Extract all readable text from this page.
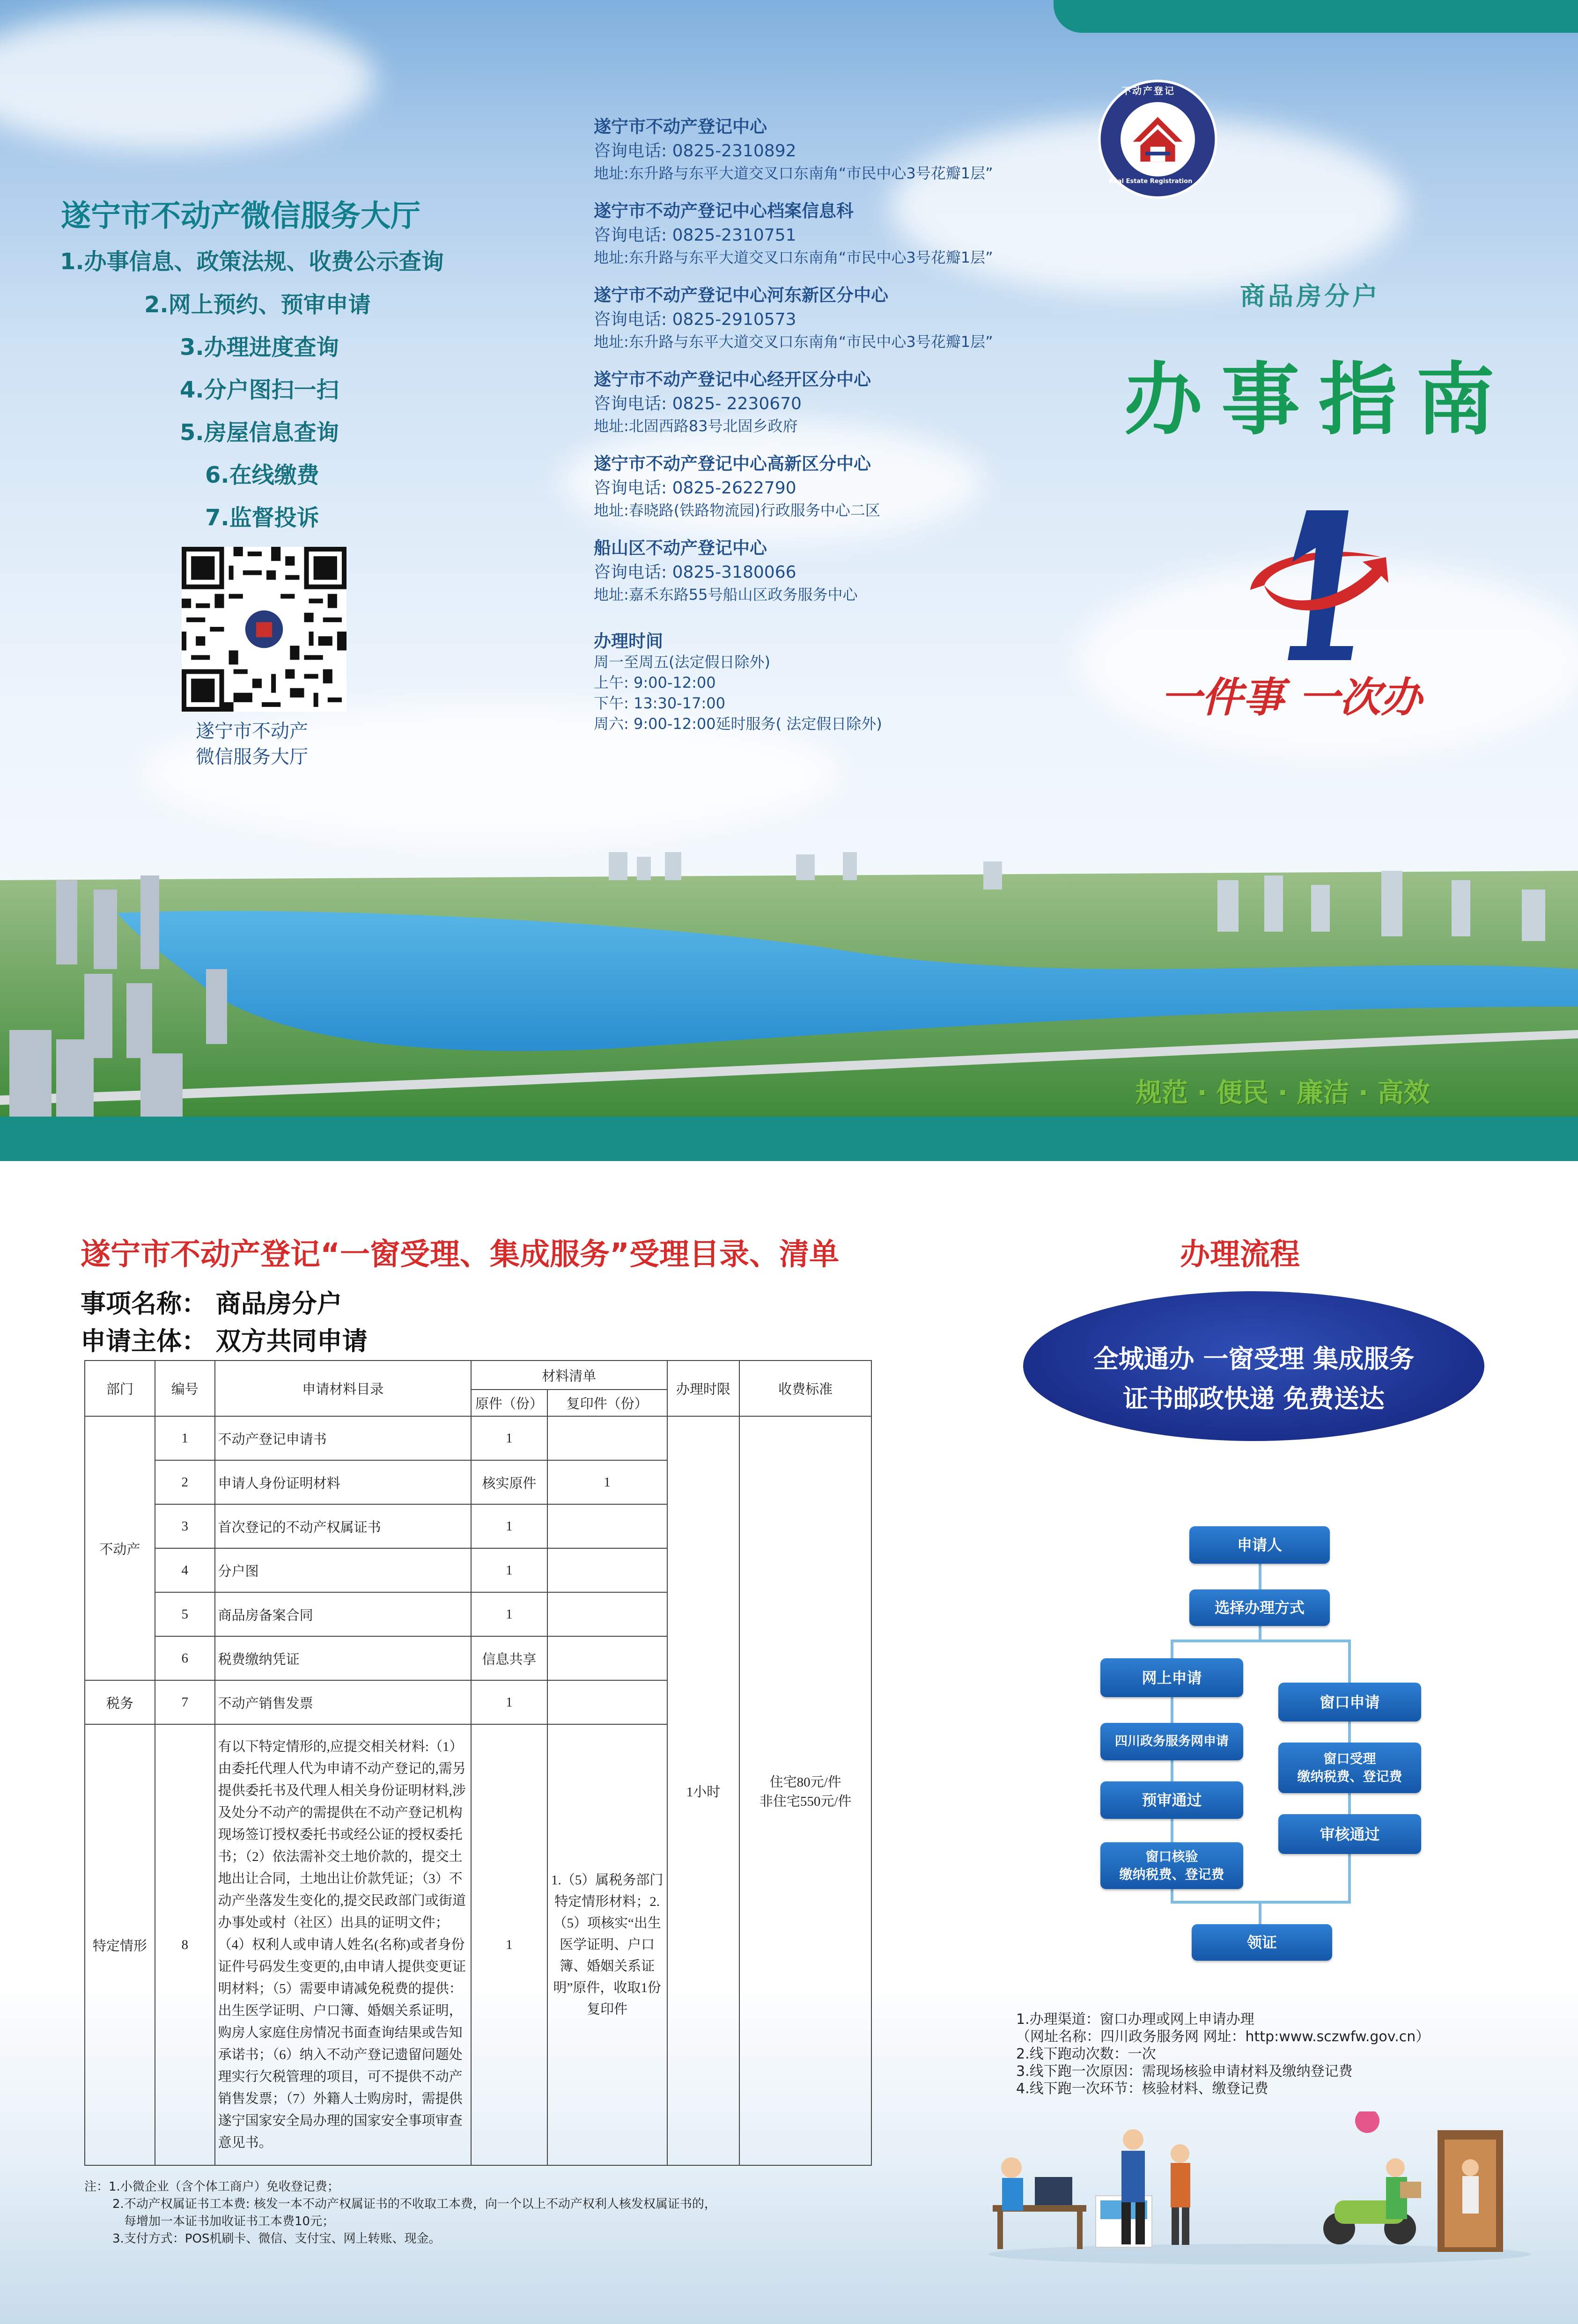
遂宁市不动产微信服务大厅
1.办事信息、政策法规、收费公示查询
2.网上预约、预审申请
3.办理进度查询
4.分户图扫一扫
5.房屋信息查询
6.在线缴费
7.监督投诉
遂宁市不动产
微信服务大厅
遂宁市不动产登记中心
咨询电话: 0825-2310892
地址:东升路与东平大道交叉口东南角“市民中心3号花瓣1层”
遂宁市不动产登记中心档案信息科
咨询电话: 0825-2310751
地址:东升路与东平大道交叉口东南角“市民中心3号花瓣1层”
遂宁市不动产登记中心河东新区分中心
咨询电话: 0825-2910573
地址:东升路与东平大道交叉口东南角“市民中心3号花瓣1层”
遂宁市不动产登记中心经开区分中心
咨询电话: 0825- 2230670
地址:北固西路83号北固乡政府
遂宁市不动产登记中心高新区分中心
咨询电话: 0825-2622790
地址:春晓路(铁路物流园)行政服务中心二区
船山区不动产登记中心
咨询电话: 0825-3180066
地址:嘉禾东路55号船山区政务服务中心
办理时间
周一至周五(法定假日除外)
上午: 9:00-12:00
下午: 13:30-17:00
周六: 9:00-12:00延时服务( 法定假日除外)
不动产登记
Real Estate Registration
商品房分户
办事指南
一件事 一次办
规范 · 便民 · 廉洁 · 高效
遂宁市不动产登记“一窗受理、集成服务”受理目录、清单
事项名称： 商品房分户
申请主体： 双方共同申请
部门	编号	申请材料目录	材料清单		办理时限	收费标准
			原件（份）	复印件（份）		
不动产	1	不动产登记申请书	1		1小时	住宅80元/件
非住宅550元/件

	2	申请人身份证明材料	核实原件	1		
	3	首次登记的不动产权属证书	1			
	4	分户图	1			
	5	商品房备案合同	1			
	6	税费缴纳凭证	信息共享			
税务	7	不动产销售发票	1			
特定情形	8	有以下特定情形的,应提交相关材料:（1）由委托代理人代为申请不动产登记的,需另提供委托书及代理人相关身份证明材料,涉及处分不动产的需提供在不动产登记机构现场签订授权委托书或经公证的授权委托书；（2）依法需补交土地价款的，提交土地出让合同，土地出让价款凭证；（3）不动产坐落发生变化的,提交民政部门或街道办事处或村（社区）出具的证明文件；（4）权利人或申请人姓名(名称)或者身份证件号码发生变更的,由申请人提供变更证明材料；（5）需要申请减免税费的提供：出生医学证明、户口簿、婚姻关系证明，购房人家庭住房情况书面查询结果或告知承诺书；（6）纳入不动产登记遗留问题处理实行欠税管理的项目，可不提供不动产销售发票；（7）外籍人士购房时，需提供遂宁国家安全局办理的国家安全事项审查意见书。	1	1.（5）属税务部门特定情形材料；2.（5）项核实“出生医学证明、户口簿、婚姻关系证明”原件，收取1份复印件		
注：1.小微企业（含个体工商户）免收登记费；
2.不动产权属证书工本费: 核发一本不动产权属证书的不收取工本费，向一个以上不动产权利人核发权属证书的，
每增加一本证书加收证书工本费10元；
3.支付方式：POS机刷卡、微信、支付宝、网上转账、现金。
办理流程
全城通办 一窗受理 集成服务
证书邮政快递 免费送达
申请人
选择办理方式
网上申请
窗口申请
四川政务服务网申请
窗口受理
缴纳税费、登记费
预审通过
审核通过
窗口核验
缴纳税费、登记费
领证
1.办理渠道：窗口办理或网上申请办理
（网址名称：四川政务服务网 网址：http:www.sczwfw.gov.cn）
2.线下跑动次数：一次
3.线下跑一次原因：需现场核验申请材料及缴纳登记费
4.线下跑一次环节：核验材料、缴登记费
